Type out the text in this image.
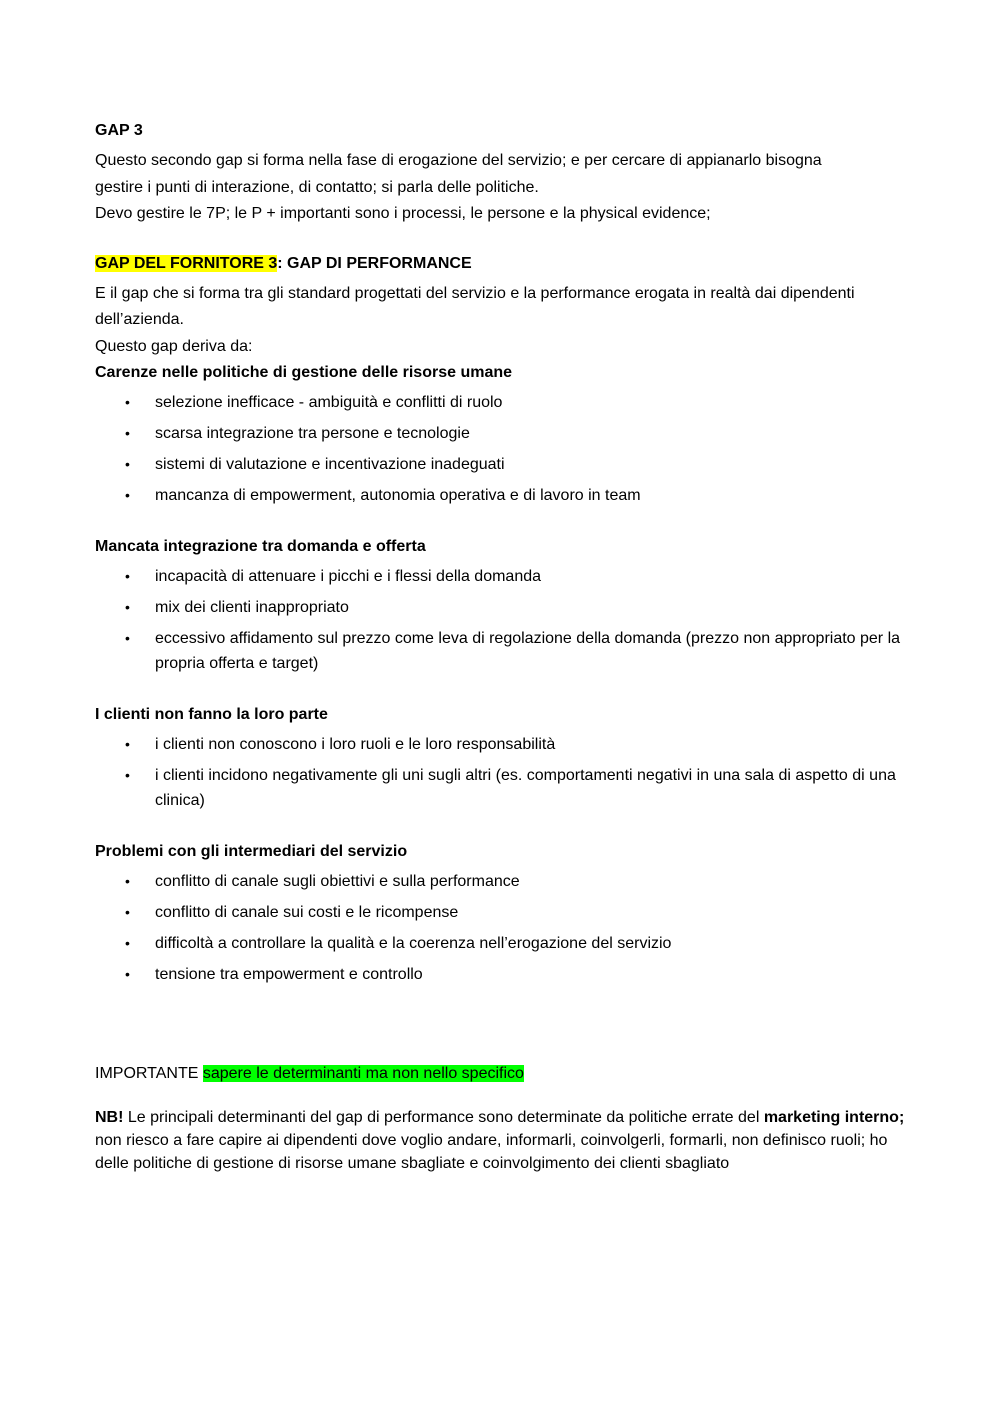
GAP 3

Questo secondo gap si forma nella fase di erogazione del servizio; e per cercare di appianarlo bisogna

gestire i punti di interazione, di contatto; si parla delle politiche.

Devo gestire le 7P; le P + importanti sono i processi, le persone e la physical evidence;

GAP DEL FORNITORE 3: GAP DI PERFORMANCE

E il gap che si forma tra gli standard progettati del servizio e la performance erogata in realtà dai dipendenti

dell’azienda.

Questo gap deriva da:

Carenze nelle politiche di gestione delle risorse umane

• selezione inefficace - ambiguità e conflitti di ruolo
• scarsa integrazione tra persone e tecnologie
• sistemi di valutazione e incentivazione inadeguati
• mancanza di empowerment, autonomia operativa e di lavoro in team

Mancata integrazione tra domanda e offerta

• incapacità di attenuare i picchi e i flessi della domanda
• mix dei clienti inappropriato
• eccessivo affidamento sul prezzo come leva di regolazione della domanda (prezzo non appropriato per la propria offerta e target)

I clienti non fanno la loro parte

• i clienti non conoscono i loro ruoli e le loro responsabilità
• i clienti incidono negativamente gli uni sugli altri (es. comportamenti negativi in una sala di aspetto di una clinica)

Problemi con gli intermediari del servizio

• conflitto di canale sugli obiettivi e sulla performance
• conflitto di canale sui costi e le ricompense
• difficoltà a controllare la qualità e la coerenza nell’erogazione del servizio
• tensione tra empowerment e controllo

IMPORTANTE sapere le determinanti ma non nello specifico

NB! Le principali determinanti del gap di performance sono determinate da politiche errate del marketing interno; non riesco a fare capire ai dipendenti dove voglio andare, informarli, coinvolgerli, formarli, non definisco ruoli; ho delle politiche di gestione di risorse umane sbagliate e coinvolgimento dei clienti sbagliato
